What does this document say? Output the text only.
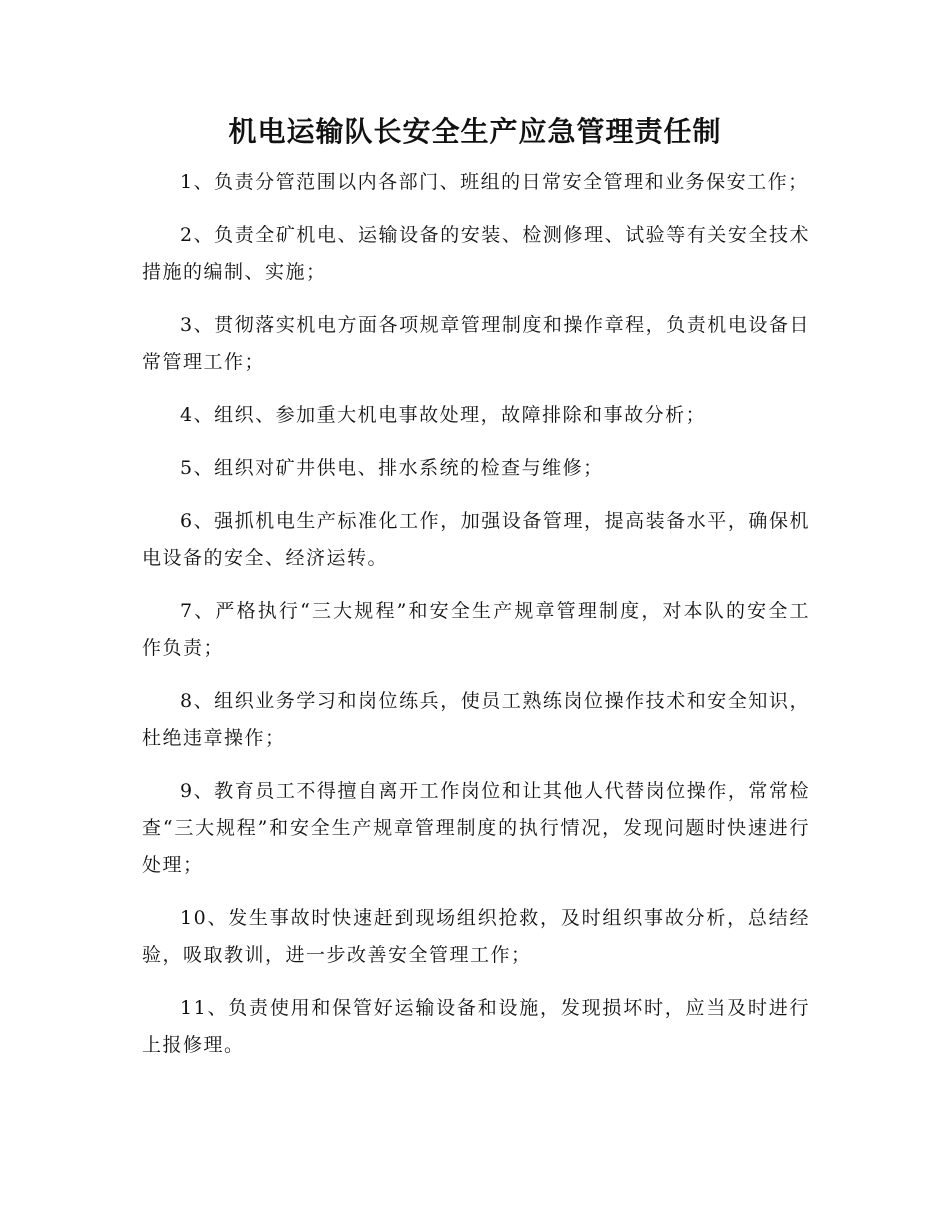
机电运输队长安全生产应急管理责任制

1、负责分管范围以内各部门、班组的日常安全管理和业务保安工作；

2、负责全矿机电、运输设备的安装、检测修理、试验等有关安全技术措施的编制、实施；

3、贯彻落实机电方面各项规章管理制度和操作章程，负责机电设备日常管理工作；

4、组织、参加重大机电事故处理，故障排除和事故分析；

5、组织对矿井供电、排水系统的检查与维修；

6、强抓机电生产标准化工作，加强设备管理，提高装备水平，确保机电设备的安全、经济运转。

7、严格执行“三大规程”和安全生产规章管理制度，对本队的安全工作负责；

8、组织业务学习和岗位练兵，使员工熟练岗位操作技术和安全知识，杜绝违章操作；

9、教育员工不得擅自离开工作岗位和让其他人代替岗位操作，常常检查“三大规程”和安全生产规章管理制度的执行情况，发现问题时快速进行处理；

10、发生事故时快速赶到现场组织抢救，及时组织事故分析，总结经验，吸取教训，进一步改善安全管理工作；

11、负责使用和保管好运输设备和设施，发现损坏时，应当及时进行上报修理。
